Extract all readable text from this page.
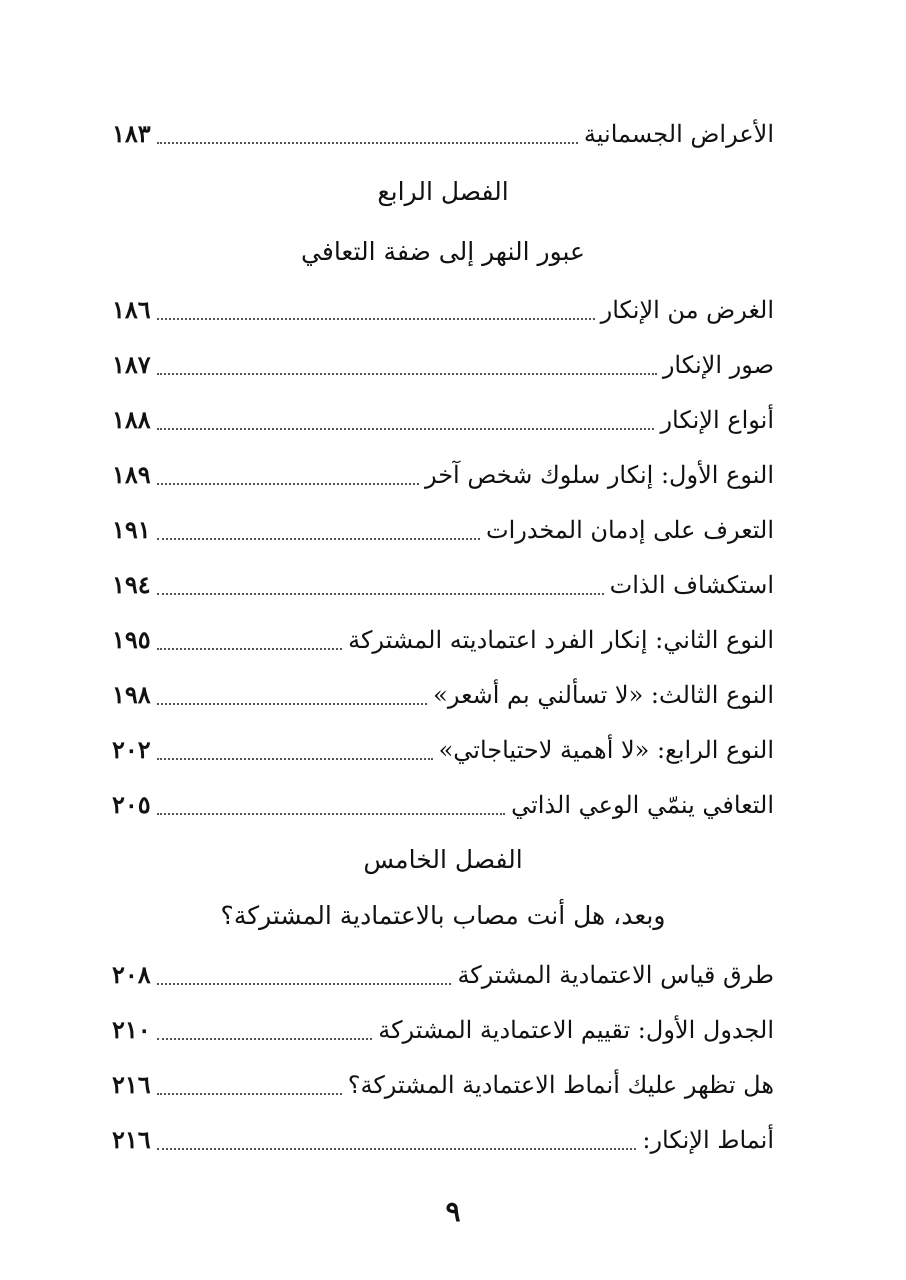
الأعراض الجسمانية
١٨٣
الفصل الرابع
عبور النهر إلى ضفة التعافي
الغرض من الإنكار
١٨٦
صور الإنكار
١٨٧
أنواع الإنكار
١٨٨
النوع الأول: إنكار سلوك شخص آخر
١٨٩
التعرف على إدمان المخدرات
١٩١
استكشاف الذات
١٩٤
النوع الثاني: إنكار الفرد اعتماديته المشتركة
١٩٥
النوع الثالث: «لا تسألني بم أشعر»
١٩٨
النوع الرابع: «لا أهمية لاحتياجاتي»
٢٠٢
التعافي ينمّي الوعي الذاتي
٢٠٥
الفصل الخامس
وبعد، هل أنت مصاب بالاعتمادية المشتركة؟
طرق قياس الاعتمادية المشتركة
٢٠٨
الجدول الأول: تقييم الاعتمادية المشتركة
٢١٠
هل تظهر عليك أنماط الاعتمادية المشتركة؟
٢١٦
أنماط الإنكار:
٢١٦
٩
